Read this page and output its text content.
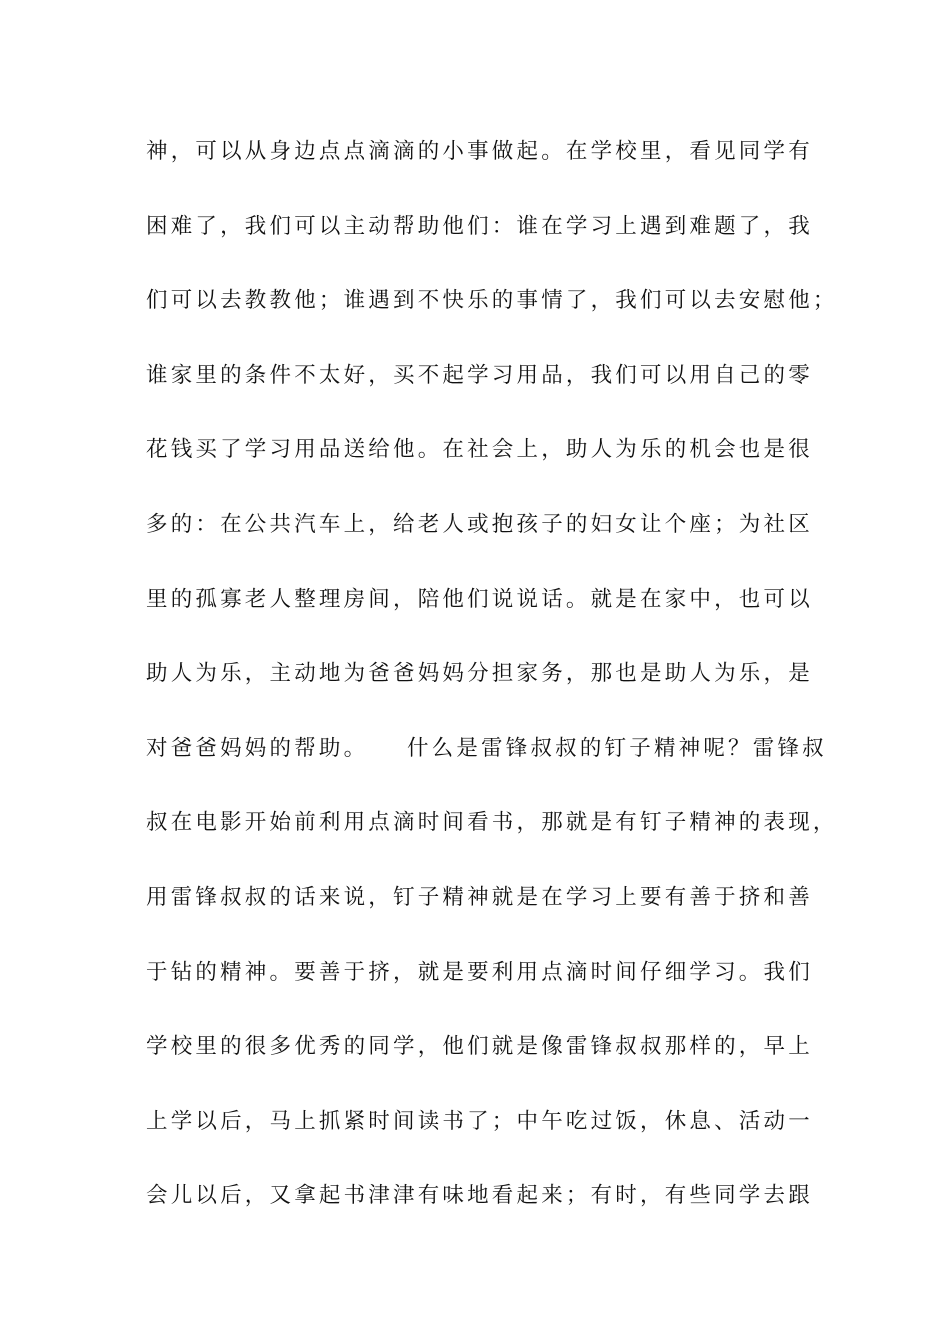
神，可以从身边点点滴滴的小事做起。在学校里，看见同学有
困难了，我们可以主动帮助他们：谁在学习上遇到难题了，我
们可以去教教他；谁遇到不快乐的事情了，我们可以去安慰他；
谁家里的条件不太好，买不起学习用品，我们可以用自己的零
花钱买了学习用品送给他。在社会上，助人为乐的机会也是很
多的：在公共汽车上，给老人或抱孩子的妇女让个座；为社区
里的孤寡老人整理房间，陪他们说说话。就是在家中，也可以
助人为乐，主动地为爸爸妈妈分担家务，那也是助人为乐，是
对爸爸妈妈的帮助。　　什么是雷锋叔叔的钉子精神呢？雷锋叔
叔在电影开始前利用点滴时间看书，那就是有钉子精神的表现，
用雷锋叔叔的话来说，钉子精神就是在学习上要有善于挤和善
于钻的精神。要善于挤，就是要利用点滴时间仔细学习。我们
学校里的很多优秀的同学，他们就是像雷锋叔叔那样的，早上
上学以后，马上抓紧时间读书了；中午吃过饭，休息、活动一
会儿以后，又拿起书津津有味地看起来；有时，有些同学去跟
